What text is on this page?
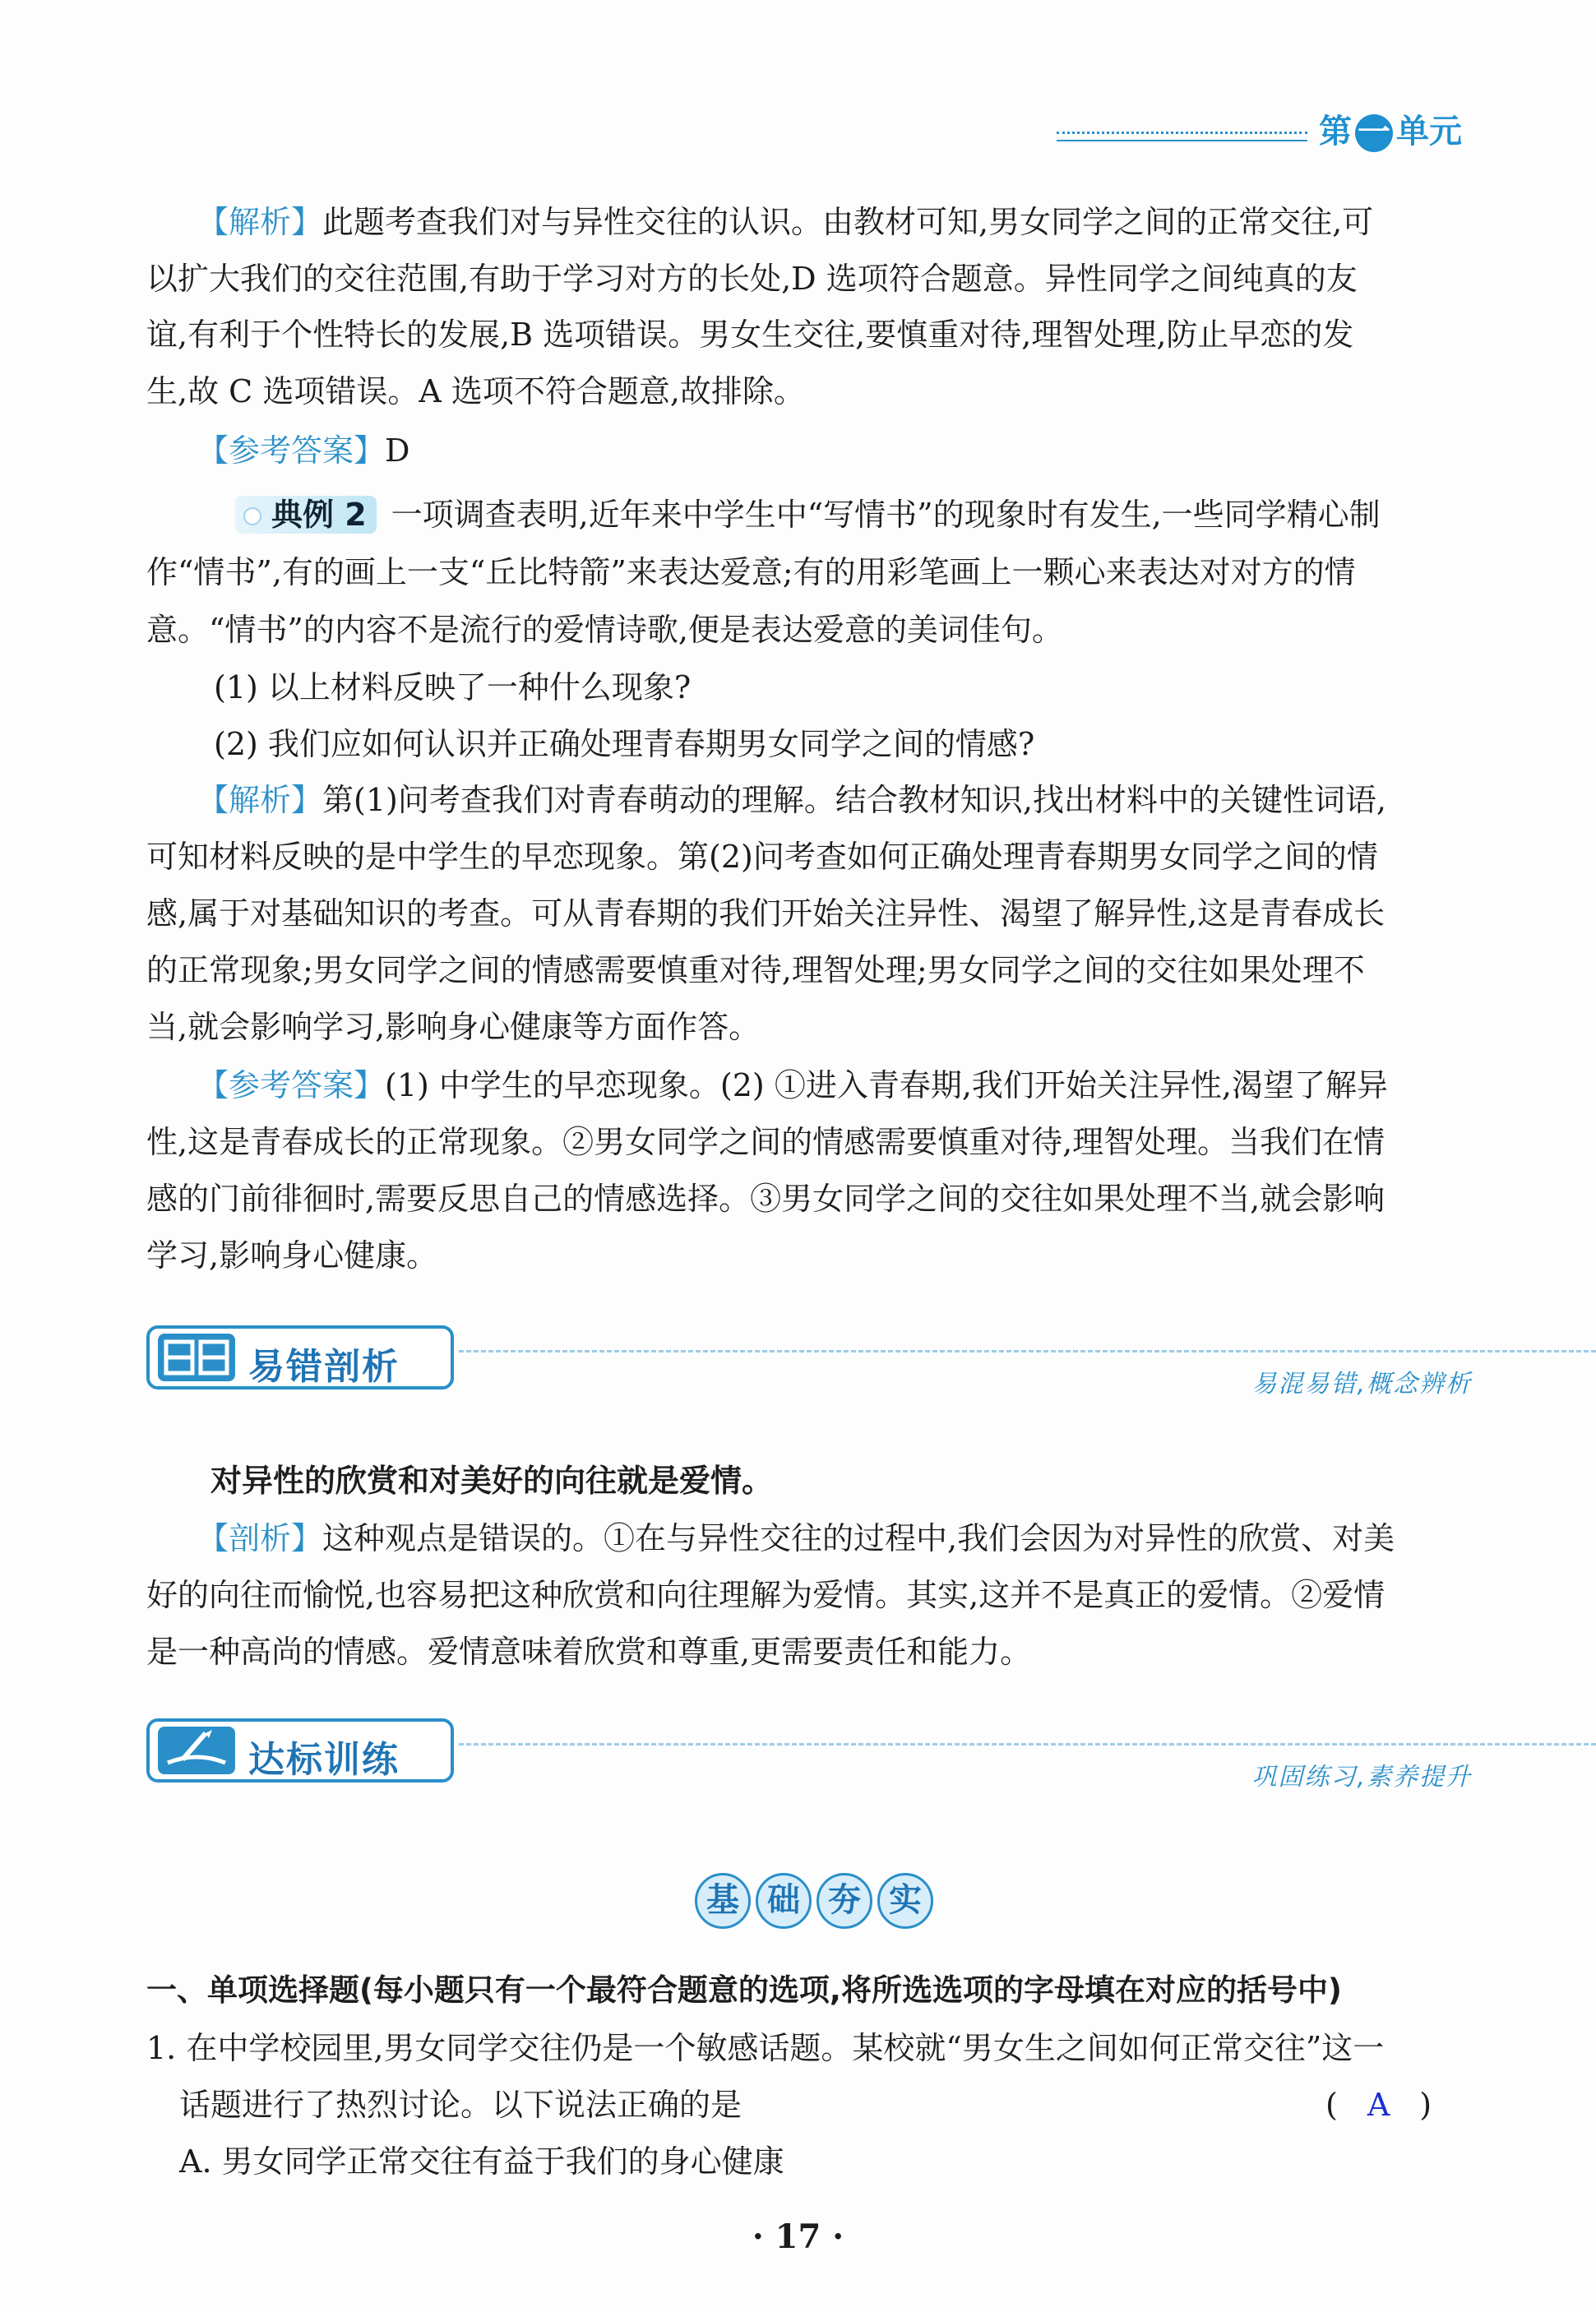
第 一 单元
【解析】此题考查我们对与异性交往的认识。由教材可知,男女同学之间的正常交往,可
以扩大我们的交往范围,有助于学习对方的长处,D 选项符合题意。异性同学之间纯真的友
谊,有利于个性特长的发展,B 选项错误。男女生交往,要慎重对待,理智处理,防止早恋的发
生,故 C 选项错误。A 选项不符合题意,故排除。
【参考答案】D
典例 2 一项调查表明,近年来中学生中“写情书”的现象时有发生,一些同学精心制
作“情书”,有的画上一支“丘比特箭”来表达爱意;有的用彩笔画上一颗心来表达对对方的情
意。“情书”的内容不是流行的爱情诗歌,便是表达爱意的美词佳句。
(1) 以上材料反映了一种什么现象?
(2) 我们应如何认识并正确处理青春期男女同学之间的情感?
【解析】第(1)问考查我们对青春萌动的理解。结合教材知识,找出材料中的关键性词语,
可知材料反映的是中学生的早恋现象。第(2)问考查如何正确处理青春期男女同学之间的情
感,属于对基础知识的考查。可从青春期的我们开始关注异性、渴望了解异性,这是青春成长
的正常现象;男女同学之间的情感需要慎重对待,理智处理;男女同学之间的交往如果处理不
当,就会影响学习,影响身心健康等方面作答。
【参考答案】(1) 中学生的早恋现象。(2) ①进入青春期,我们开始关注异性,渴望了解异
性,这是青春成长的正常现象。②男女同学之间的情感需要慎重对待,理智处理。当我们在情
感的门前徘徊时,需要反思自己的情感选择。③男女同学之间的交往如果处理不当,就会影响
学习,影响身心健康。
易错剖析	易混易错,概念辨析
对异性的欣赏和对美好的向往就是爱情。
【剖析】这种观点是错误的。①在与异性交往的过程中,我们会因为对异性的欣赏、对美
好的向往而愉悦,也容易把这种欣赏和向往理解为爱情。其实,这并不是真正的爱情。②爱情
是一种高尚的情感。爱情意味着欣赏和尊重,更需要责任和能力。
达标训练	巩固练习,素养提升
基 础 夯 实
一、单项选择题(每小题只有一个最符合题意的选项,将所选选项的字母填在对应的括号中)
1. 在中学校园里,男女同学交往仍是一个敏感话题。某校就“男女生之间如何正常交往”这一
话题进行了热烈讨论。以下说法正确的是	( A )
A. 男女同学正常交往有益于我们的身心健康
· 17 ·
